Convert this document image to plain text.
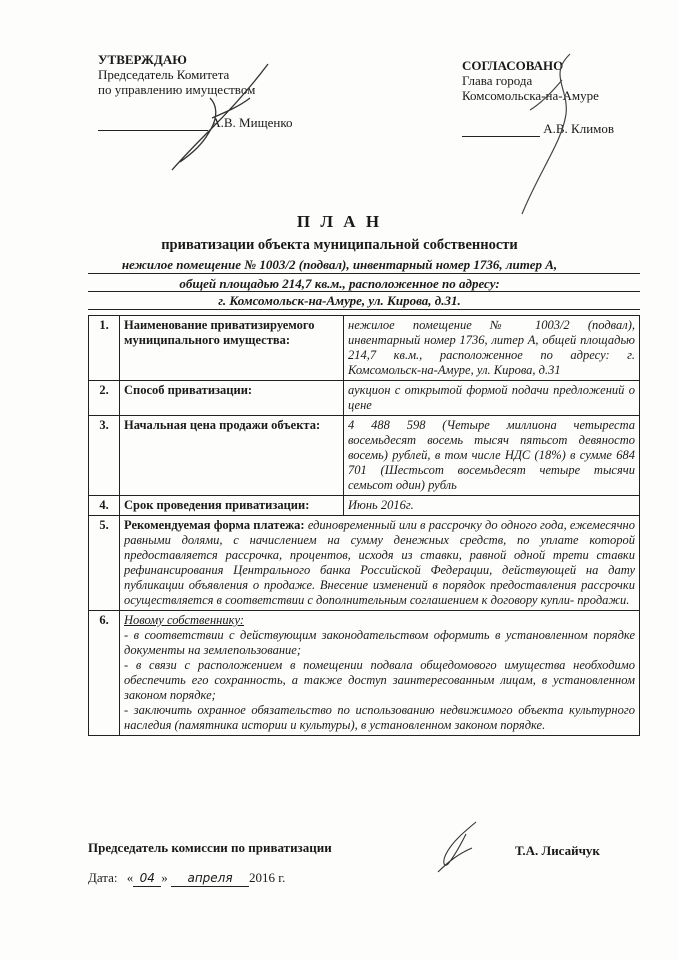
УТВЕРЖДАЮ
Председатель Комитета
по управлению имуществом
А.В. Мищенко
СОГЛАСОВАНО
Глава города
Комсомольска-на-Амуре
А.В. Климов
П Л А Н
приватизации объекта муниципальной собственности
нежилое помещение № 1003/2 (подвал), инвентарный номер 1736, литер А,
общей площадью 214,7 кв.м., расположенное по адресу:
г. Комсомольск-на-Амуре, ул. Кирова, д.31.
1.	Наименование приватизируемого муниципального имущества:	нежилое помещение № 1003/2 (подвал), инвентарный номер 1736, литер А, общей площадью 214,7 кв.м., расположенное по адресу: г. Комсомольск-на-Амуре, ул. Кирова, д.31
2.	Способ приватизации:	аукцион с открытой формой подачи предложений о цене
3.	Начальная цена продажи объекта:	4 488 598 (Четыре миллиона четыреста восемьдесят восемь тысяч пятьсот девяносто восемь) рублей, в том числе НДС (18%) в сумме 684 701 (Шестьсот восемьдесят четыре тысячи семьсот один) рубль
4.	Срок проведения приватизации:	Июнь 2016г.
5.	Рекомендуемая форма платежа: единовременный или в рассрочку до одного года, ежемесячно равными долями, с начислением на сумму денежных средств, по уплате которой предоставляется рассрочка, процентов, исходя из ставки, равной одной трети ставки рефинансирования Центрального банка Российской Федерации, действующей на дату публикации объявления о продаже. Внесение изменений в порядок предоставления рассрочки осуществляется в соответствии с дополнительным соглашением к договору купли- продажи.	
6.	Новому собственнику:
- в соответствии с действующим законодательством оформить в установленном порядке документы на землепользование;
- в связи с расположением в помещении подвала общедомового имущества необходимо обеспечить его сохранность, а также доступ заинтересованным лицам, в установленном законом порядке;
- заключить охранное обязательство по использованию недвижимого объекта культурного наследия (памятника истории и культуры), в установленном законом порядке.	
Председатель комиссии по приватизации	Т.А. Лисайчук
Дата: « 04 » апреля 2016 г.
